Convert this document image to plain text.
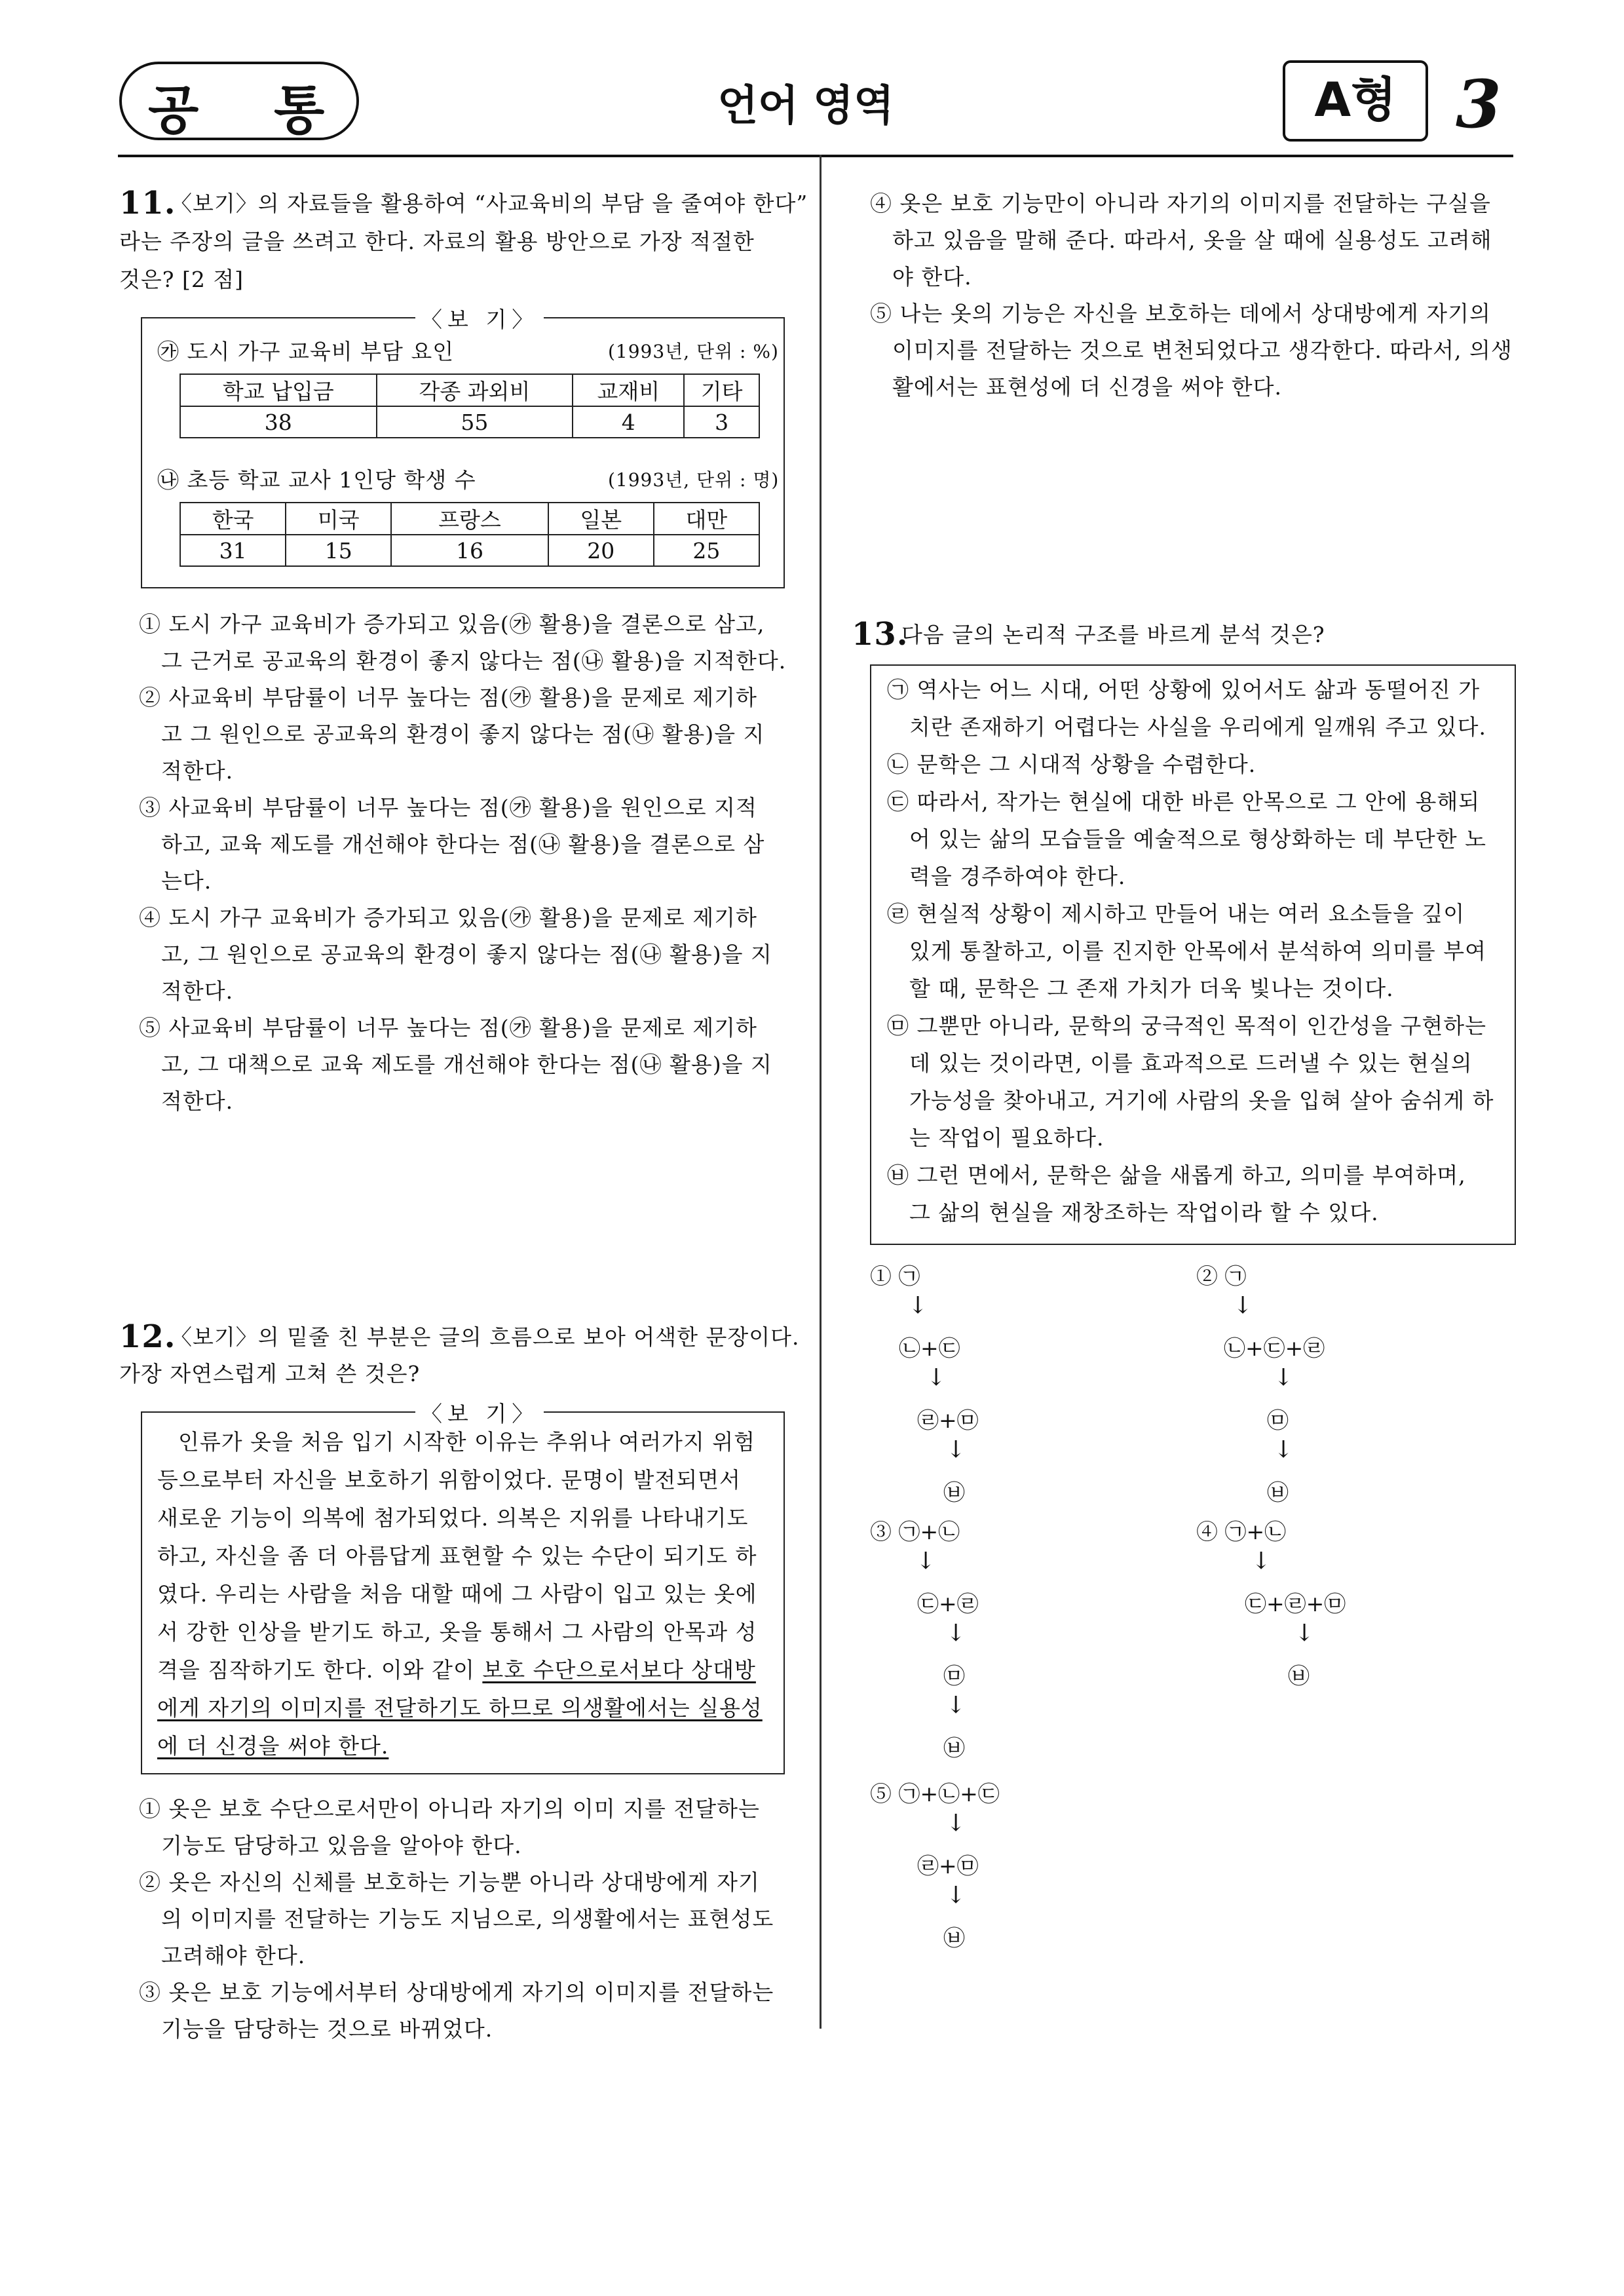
공 통	언어 영역	A형 3
11.
〈보기〉의 자료들을 활용하여 “사교육비의 부담 을 줄여야 한다”
라는 주장의 글을 쓰려고 한다. 자료의 활용 방안으로 가장 적절한
것은? [2 점]
〈보 기〉
㉮ 도시 가구 교육비 부담 요인	(1993년, 단위 : %)
학교 납입금	각종 과외비	교재비	기타
38	55	4	3
㉯ 초등 학교 교사 1인당 학생 수	(1993년, 단위 : 명)
한국	미국	프랑스	일본	대만
31	15	16	20	25
① 도시 가구 교육비가 증가되고 있음(㉮ 활용)을 결론으로 삼고,
그 근거로 공교육의 환경이 좋지 않다는 점(㉯ 활용)을 지적한다.
② 사교육비 부담률이 너무 높다는 점(㉮ 활용)을 문제로 제기하
고 그 원인으로 공교육의 환경이 좋지 않다는 점(㉯ 활용)을 지
적한다.
③ 사교육비 부담률이 너무 높다는 점(㉮ 활용)을 원인으로 지적
하고, 교육 제도를 개선해야 한다는 점(㉯ 활용)을 결론으로 삼
는다.
④ 도시 가구 교육비가 증가되고 있음(㉮ 활용)을 문제로 제기하
고, 그 원인으로 공교육의 환경이 좋지 않다는 점(㉯ 활용)을 지
적한다.
⑤ 사교육비 부담률이 너무 높다는 점(㉮ 활용)을 문제로 제기하
고, 그 대책으로 교육 제도를 개선해야 한다는 점(㉯ 활용)을 지
적한다.
12.
〈보기〉의 밑줄 친 부분은 글의 흐름으로 보아 어색한 문장이다.
가장 자연스럽게 고쳐 쓴 것은?
〈보 기〉
인류가 옷을 처음 입기 시작한 이유는 추위나 여러가지 위험
등으로부터 자신을 보호하기 위함이었다. 문명이 발전되면서
새로운 기능이 의복에 첨가되었다. 의복은 지위를 나타내기도
하고, 자신을 좀 더 아름답게 표현할 수 있는 수단이 되기도 하
였다. 우리는 사람을 처음 대할 때에 그 사람이 입고 있는 옷에
서 강한 인상을 받기도 하고, 옷을 통해서 그 사람의 안목과 성
격을 짐작하기도 한다. 이와 같이 보호 수단으로서보다 상대방
에게 자기의 이미지를 전달하기도 하므로 의생활에서는 실용성
에 더 신경을 써야 한다.
① 옷은 보호 수단으로서만이 아니라 자기의 이미 지를 전달하는
기능도 담당하고 있음을 알아야 한다.
② 옷은 자신의 신체를 보호하는 기능뿐 아니라 상대방에게 자기
의 이미지를 전달하는 기능도 지님으로, 의생활에서는 표현성도
고려해야 한다.
③ 옷은 보호 기능에서부터 상대방에게 자기의 이미지를 전달하는
기능을 담당하는 것으로 바뀌었다.
④ 옷은 보호 기능만이 아니라 자기의 이미지를 전달하는 구실을
하고 있음을 말해 준다. 따라서, 옷을 살 때에 실용성도 고려해
야 한다.
⑤ 나는 옷의 기능은 자신을 보호하는 데에서 상대방에게 자기의
이미지를 전달하는 것으로 변천되었다고 생각한다. 따라서, 의생
활에서는 표현성에 더 신경을 써야 한다.
13.
다음 글의 논리적 구조를 바르게 분석 것은?
㉠ 역사는 어느 시대, 어떤 상황에 있어서도 삶과 동떨어진 가
치란 존재하기 어렵다는 사실을 우리에게 일깨워 주고 있다.
㉡ 문학은 그 시대적 상황을 수렴한다.
㉢ 따라서, 작가는 현실에 대한 바른 안목으로 그 안에 용해되
어 있는 삶의 모습들을 예술적으로 형상화하는 데 부단한 노
력을 경주하여야 한다.
㉣ 현실적 상황이 제시하고 만들어 내는 여러 요소들을 깊이
있게 통찰하고, 이를 진지한 안목에서 분석하여 의미를 부여
할 때, 문학은 그 존재 가치가 더욱 빛나는 것이다.
㉤ 그뿐만 아니라, 문학의 궁극적인 목적이 인간성을 구현하는
데 있는 것이라면, 이를 효과적으로 드러낼 수 있는 현실의
가능성을 찾아내고, 거기에 사람의 옷을 입혀 살아 숨쉬게 하
는 작업이 필요하다.
㉥ 그런 면에서, 문학은 삶을 새롭게 하고, 의미를 부여하며,
그 삶의 현실을 재창조하는 작업이라 할 수 있다.
① ㉠
↓
㉡+㉢
↓
㉣+㉤
↓
㉥
② ㉠
↓
㉡+㉢+㉣
↓
㉤
↓
㉥
③ ㉠+㉡
↓
㉢+㉣
↓
㉤
↓
㉥
④ ㉠+㉡
↓
㉢+㉣+㉤
↓
㉥
⑤ ㉠+㉡+㉢
↓
㉣+㉤
↓
㉥
